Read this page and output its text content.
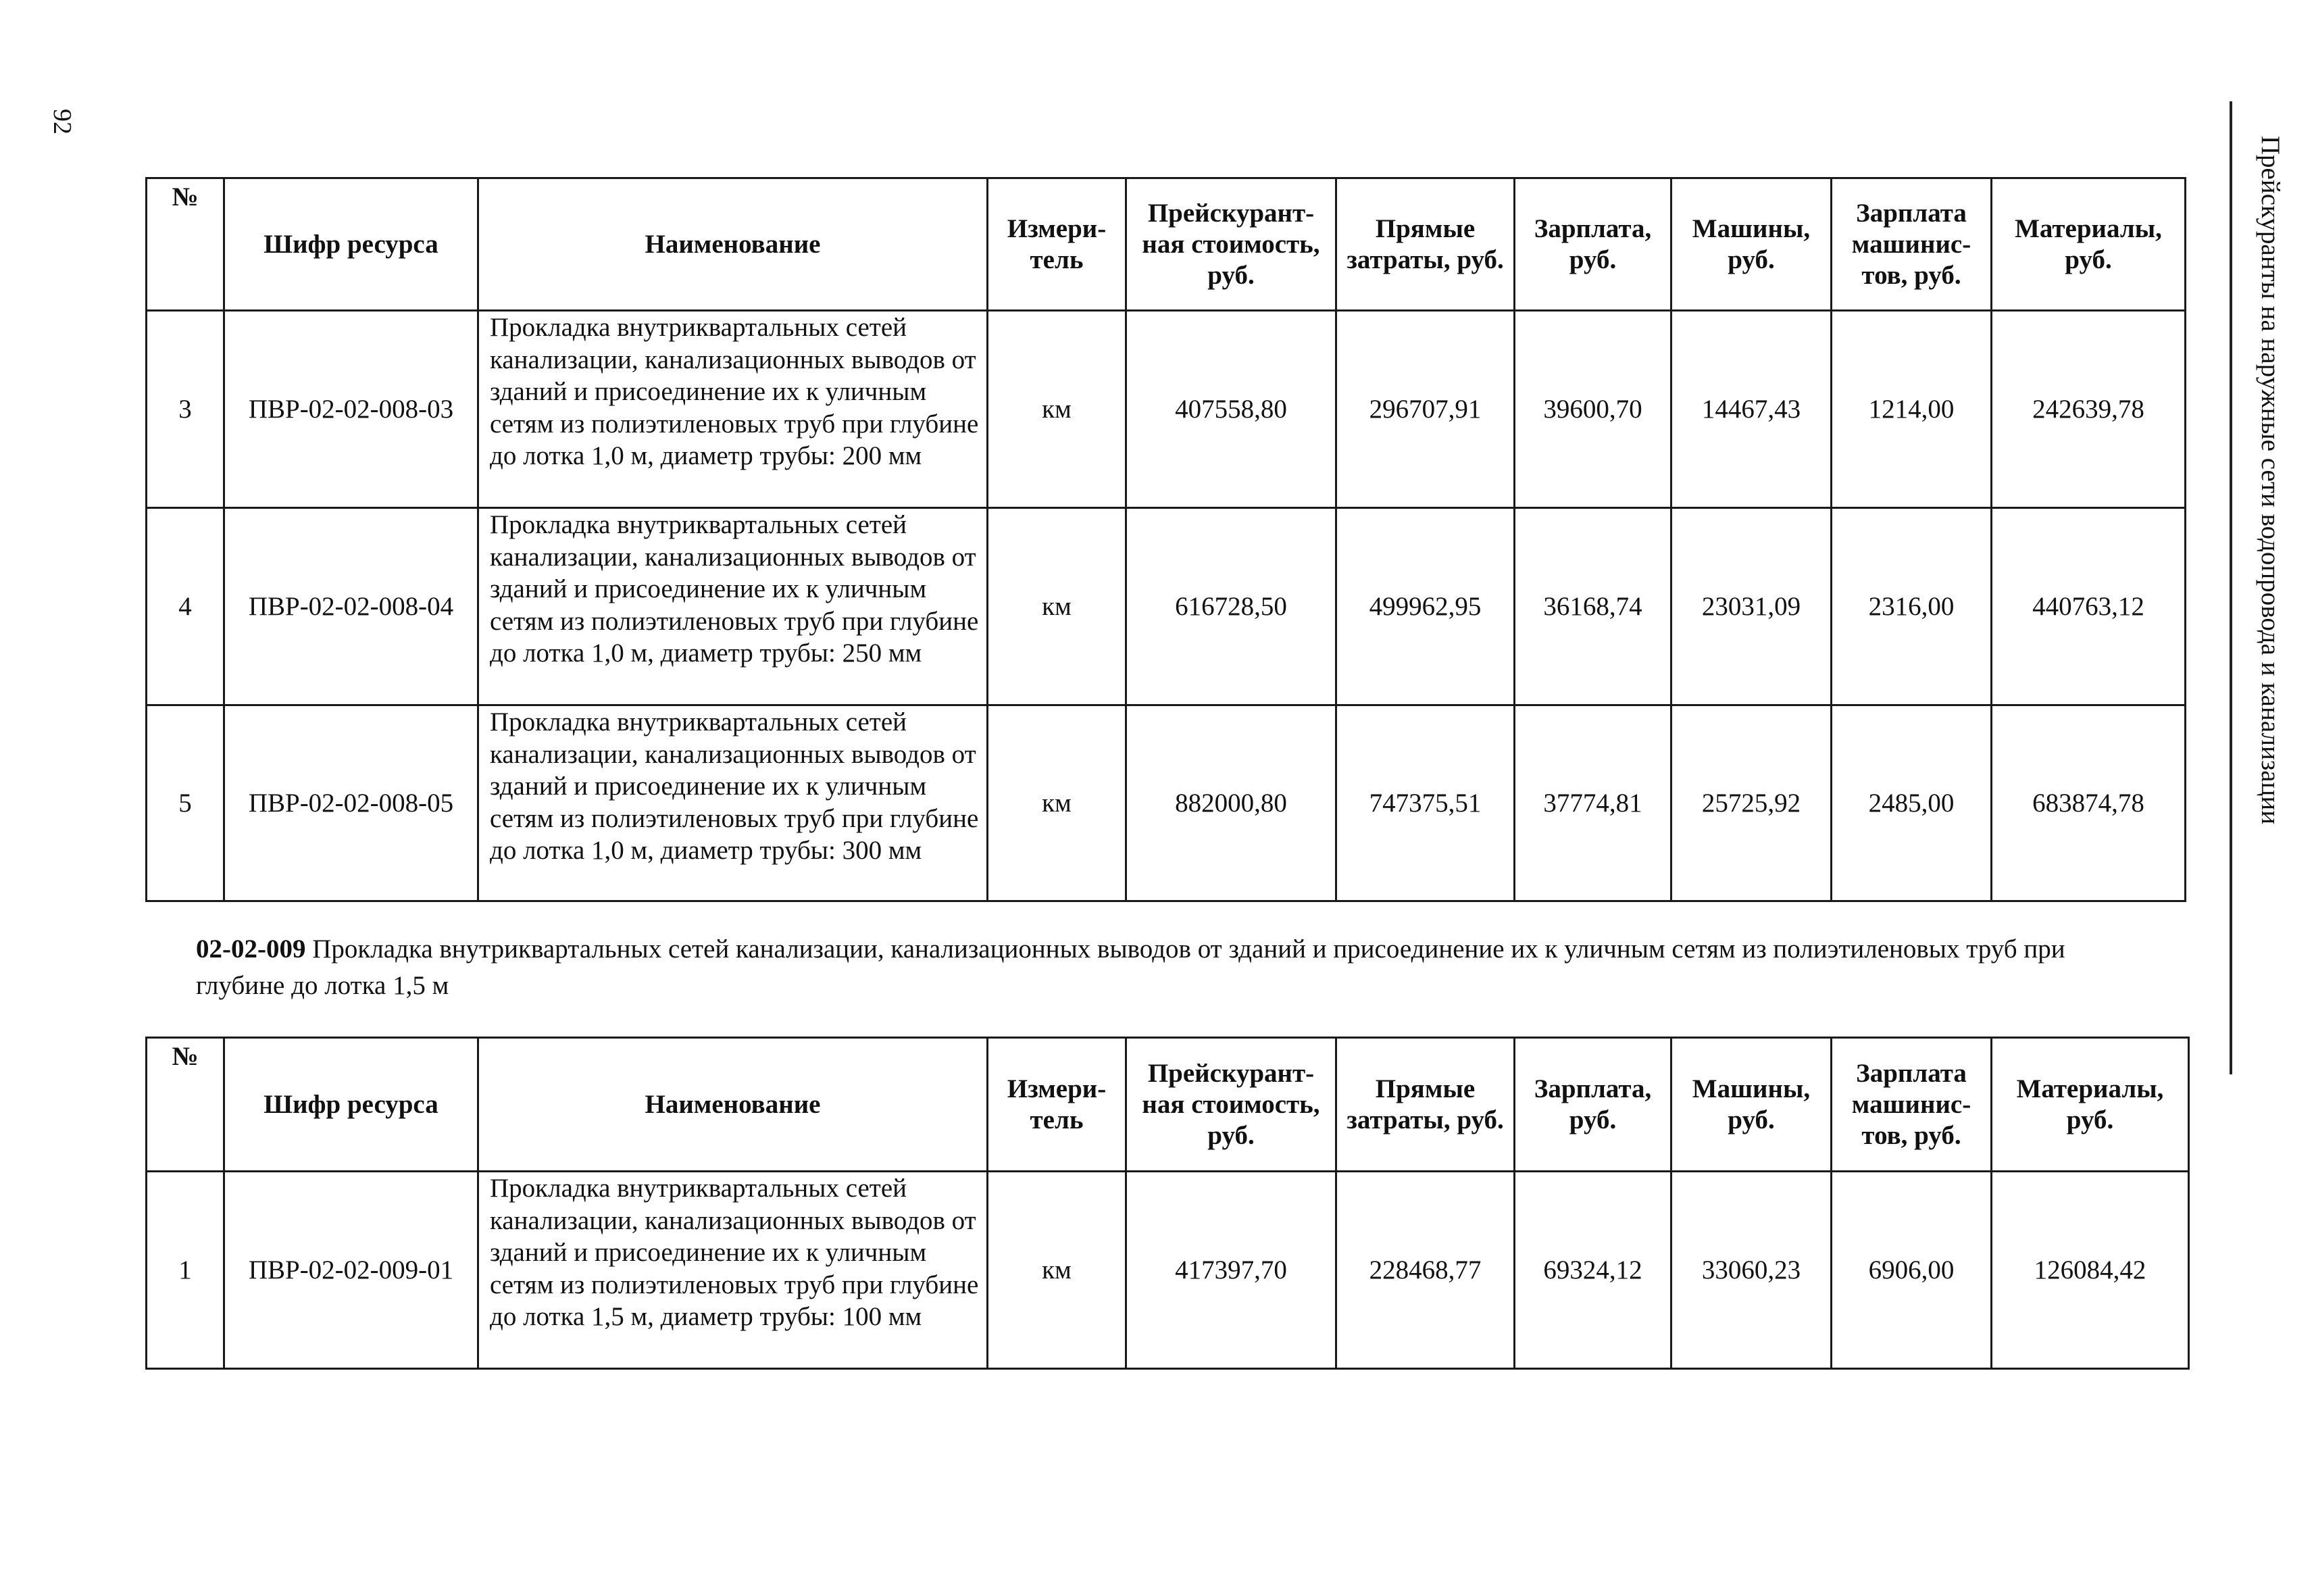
92
Прейскуранты на наружные сети водопровода и канализации
№	Шифр ресурса	Наименование	Измери-тель	Прейскурант-ная стоимость, руб.	Прямые затраты, руб.	Зарплата, руб.	Машины, руб.	Зарплата машинис-тов, руб.	Материалы, руб.
3	ПВР-02-02-008-03	Прокладка внутриквартальных сетей канализации, канализационных выводов от зданий и присоединение их к уличным сетям из полиэтиленовых труб при глубине до лотка 1,0 м, диаметр трубы: 200 мм	км	407558,80	296707,91	39600,70	14467,43	1214,00	242639,78
4	ПВР-02-02-008-04	Прокладка внутриквартальных сетей канализации, канализационных выводов от зданий и присоединение их к уличным сетям из полиэтиленовых труб при глубине до лотка 1,0 м, диаметр трубы: 250 мм	км	616728,50	499962,95	36168,74	23031,09	2316,00	440763,12
5	ПВР-02-02-008-05	Прокладка внутриквартальных сетей канализации, канализационных выводов от зданий и присоединение их к уличным сетям из полиэтиленовых труб при глубине до лотка 1,0 м, диаметр трубы: 300 мм	км	882000,80	747375,51	37774,81	25725,92	2485,00	683874,78
02-02-009 Прокладка внутриквартальных сетей канализации, канализационных выводов от зданий и присоединение их к уличным сетям из полиэтиленовых труб при глубине до лотка 1,5 м
№	Шифр ресурса	Наименование	Измери-тель	Прейскурант-ная стоимость, руб.	Прямые затраты, руб.	Зарплата, руб.	Машины, руб.	Зарплата машинис-тов, руб.	Материалы, руб.
1	ПВР-02-02-009-01	Прокладка внутриквартальных сетей канализации, канализационных выводов от зданий и присоединение их к уличным сетям из полиэтиленовых труб при глубине до лотка 1,5 м, диаметр трубы: 100 мм	км	417397,70	228468,77	69324,12	33060,23	6906,00	126084,42
